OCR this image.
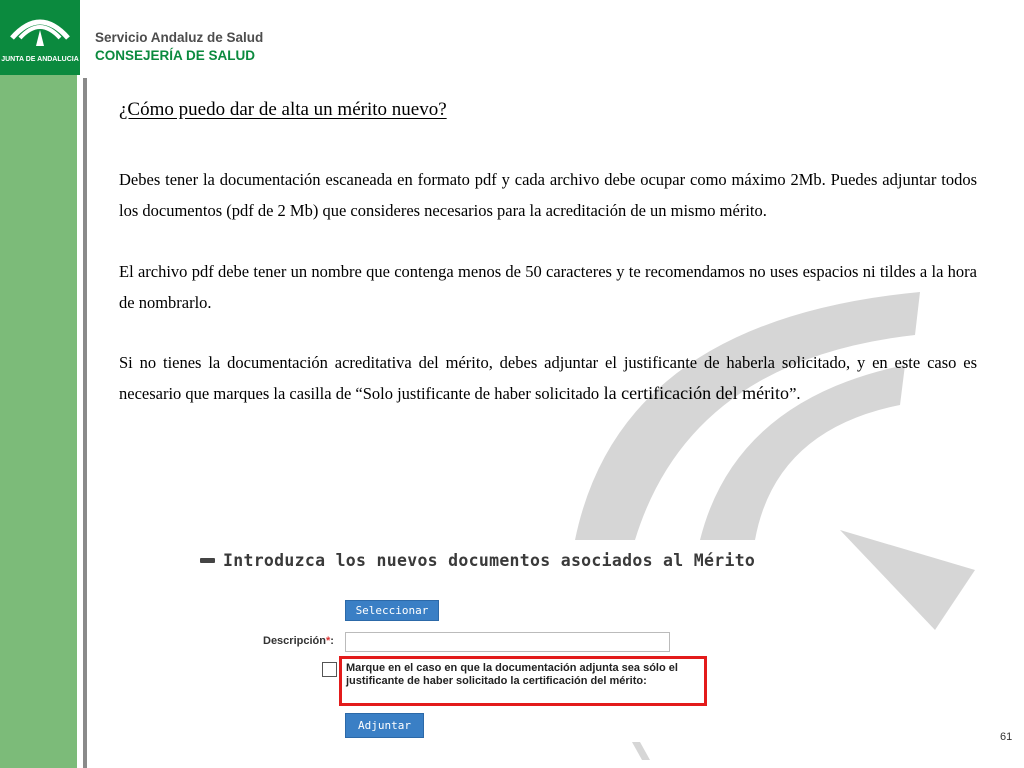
JUNTA DE ANDALUCIA
Servicio Andaluz de Salud
CONSEJERÍA DE SALUD
¿Cómo puedo dar de alta un mérito nuevo?

Debes tener la documentación escaneada en formato pdf y cada archivo debe ocupar como máximo 2Mb. Puedes adjuntar todos los documentos (pdf de 2 Mb) que consideres necesarios para la acreditación de un mismo mérito.

El archivo pdf debe tener un nombre que contenga menos de 50 caracteres y te recomendamos no uses espacios ni tildes a la hora de nombrarlo.

Si no tienes la documentación acreditativa del mérito, debes adjuntar el justificante de haberla solicitado, y en este caso es necesario que marques la casilla de “Solo justificante de haber solicitado la certificación del mérito”.

Introduzca los nuevos documentos asociados al Mérito
Seleccionar
Descripción*:

Marque en el caso en que la documentación adjunta sea sólo el justificante de haber solicitado la certificación del mérito:

Adjuntar
61
